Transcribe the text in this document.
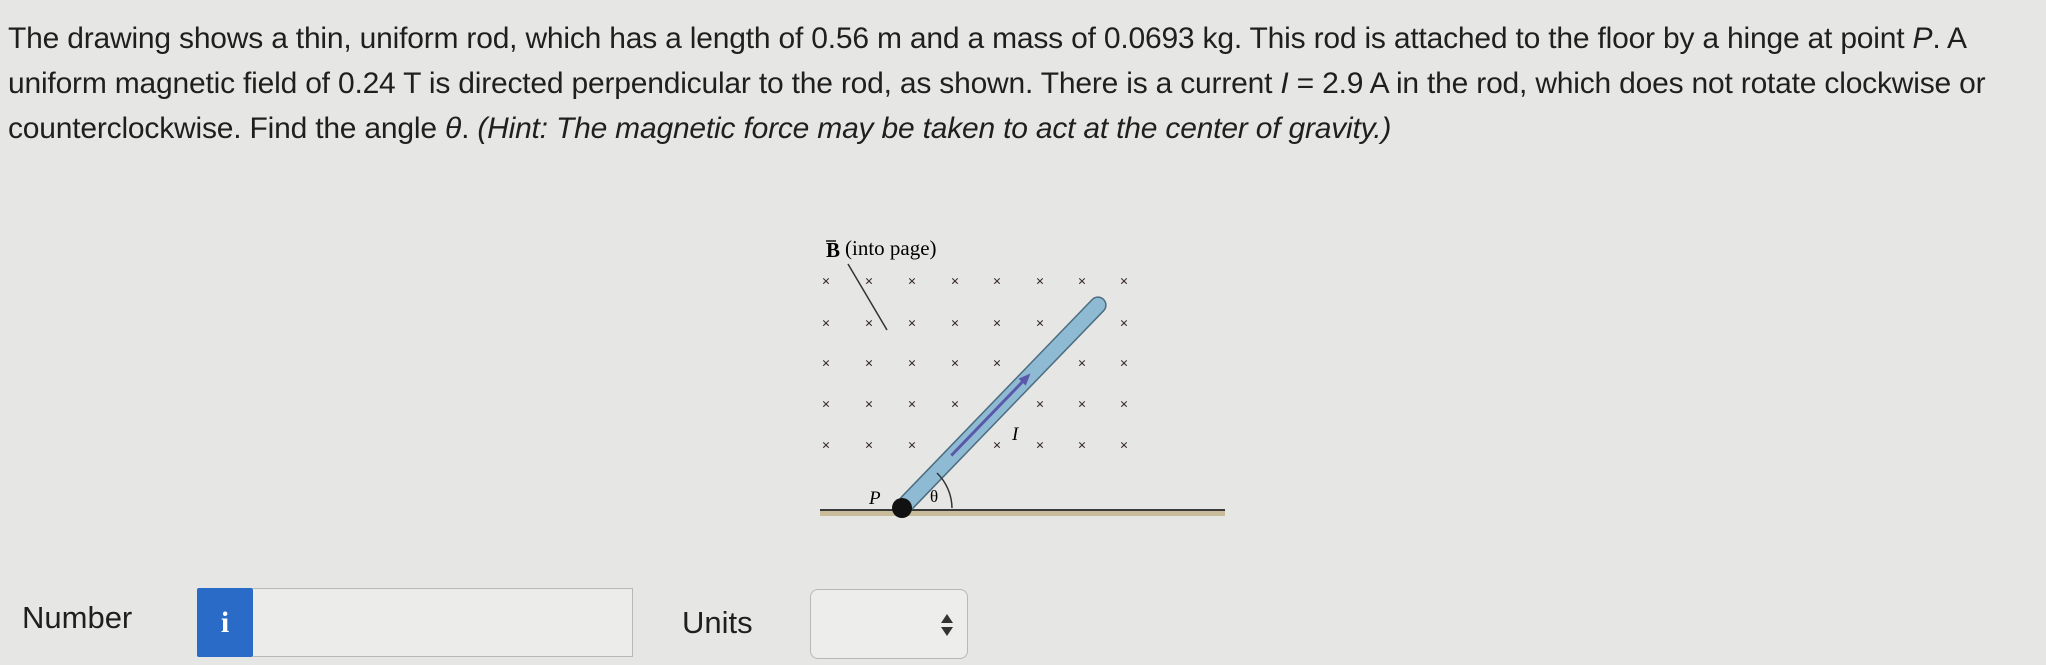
The drawing shows a thin, uniform rod, which has a length of 0.56 m and a mass of 0.0693 kg. This rod is attached to the floor by a hinge at point P. A uniform magnetic field of 0.24 T is directed perpendicular to the rod, as shown. There is a current I = 2.9 A in the rod, which does not rotate clockwise or counterclockwise. Find the angle θ. (Hint: The magnetic force may be taken to act at the center of gravity.)
B (into page)
×
×
×
×
×
×
×
×
×
×
×
×
×
×
×
×
×
×
×
×
×
×
×
×
×
×
×
×
×
×
×
×
×
×
×
×
P	θ
I
Number	i	Units
